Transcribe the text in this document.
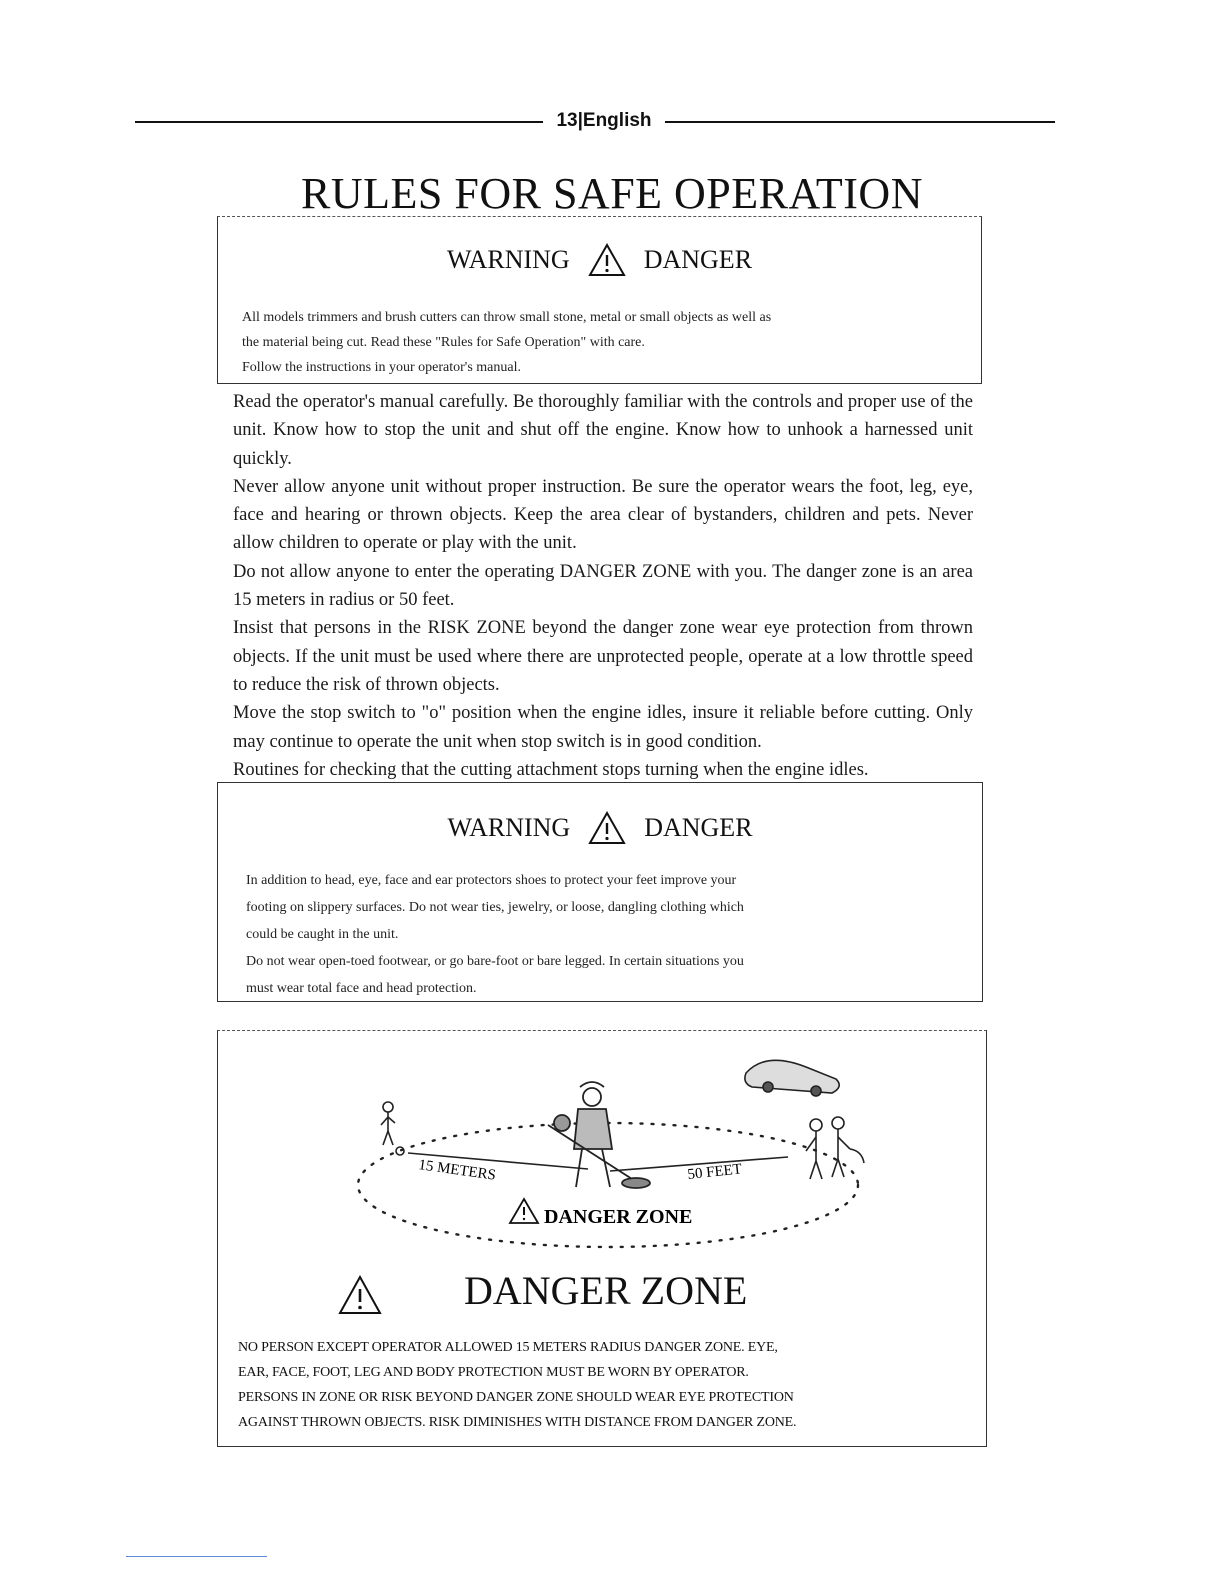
13|English
RULES FOR SAFE OPERATION
WARNING	DANGER
All models trimmers and brush cutters can throw small stone, metal or small objects as well as
the material being cut. Read these "Rules for Safe Operation" with care.
Follow the instructions in your operator's manual.

Read the operator's manual carefully. Be thoroughly familiar with the controls and proper use of the unit. Know how to stop the unit and shut off the engine. Know how to unhook a harnessed unit quickly.

Never allow anyone unit without proper instruction. Be sure the operator wears the foot, leg, eye, face and hearing or thrown objects. Keep the area clear of bystanders, children and pets. Never allow children to operate or play with the unit.

Do not allow anyone to enter the operating DANGER ZONE with you. The danger zone is an area 15 meters in radius or 50 feet.

Insist that persons in the RISK ZONE beyond the danger zone wear eye protection from thrown objects. If the unit must be used where there are unprotected people, operate at a low throttle speed to reduce the risk of thrown objects.

Move the stop switch to "o" position when the engine idles, insure it reliable before cutting. Only may continue to operate the unit when stop switch is in good condition.

Routines for checking that the cutting attachment stops turning when the engine idles.

WARNING	DANGER
In addition to head, eye, face and ear protectors shoes to protect your feet improve your
footing on slippery surfaces. Do not wear ties, jewelry, or loose, dangling clothing which
could be caught in the unit.
Do not wear open-toed footwear, or go bare-foot or bare legged. In certain situations you
must wear total face and head protection.
15 METERS	50 FEET
DANGER ZONE
DANGER ZONE
NO PERSON EXCEPT OPERATOR ALLOWED 15 METERS RADIUS DANGER ZONE. EYE,
EAR, FACE, FOOT, LEG AND BODY PROTECTION MUST BE WORN BY OPERATOR.
PERSONS IN ZONE OR RISK BEYOND DANGER ZONE SHOULD WEAR EYE PROTECTION
AGAINST THROWN OBJECTS. RISK DIMINISHES WITH DISTANCE FROM DANGER ZONE.
